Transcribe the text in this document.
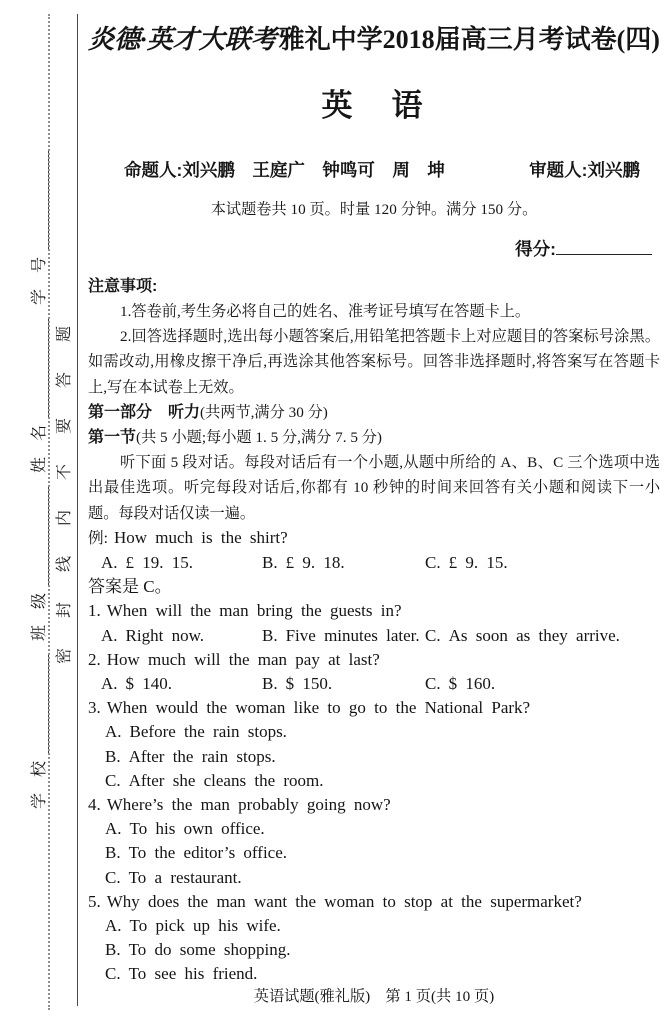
学 校
班 级
姓 名
学 号
密封线内不要答题
炎德·英才大联考雅礼中学2018届高三月考试卷(四)
英　语
命题人:刘兴鹏　王庭广　钟鸣可　周　坤	审题人:刘兴鹏
本试题卷共 10 页。时量 120 分钟。满分 150 分。
得分:
注意事项:

1.答卷前,考生务必将自己的姓名、准考证号填写在答题卡上。

2.回答选择题时,选出每小题答案后,用铅笔把答题卡上对应题目的答案标号涂黑。如需改动,用橡皮擦干净后,再选涂其他答案标号。回答非选择题时,将答案写在答题卡上,写在本试卷上无效。

第一部分　听力(共两节,满分 30 分)
第一节(共 5 小题;每小题 1. 5 分,满分 7. 5 分)

听下面 5 段对话。每段对话后有一个小题,从题中所给的 A、B、C 三个选项中选出最佳选项。听完每段对话后,你都有 10 秒钟的时间来回答有关小题和阅读下一小题。每段对话仅读一遍。

例: How much is the shirt?
A. £ 19. 15.	B. £ 9. 18.	C. £ 9. 15.
答案是 C。
1. When will the man bring the guests in?
A. Right now.	B. Five minutes later. C. As soon as they arrive.
2. How much will the man pay at last?
A. $ 140.	B. $ 150.	C. $ 160.
3. When would the woman like to go to the National Park?
A. Before the rain stops.
B. After the rain stops.
C. After she cleans the room.
4. Where’s the man probably going now?
A. To his own office.
B. To the editor’s office.
C. To a restaurant.
5. Why does the man want the woman to stop at the supermarket?
A. To pick up his wife.
B. To do some shopping.
C. To see his friend.
英语试题(雅礼版)　第 1 页(共 10 页)
